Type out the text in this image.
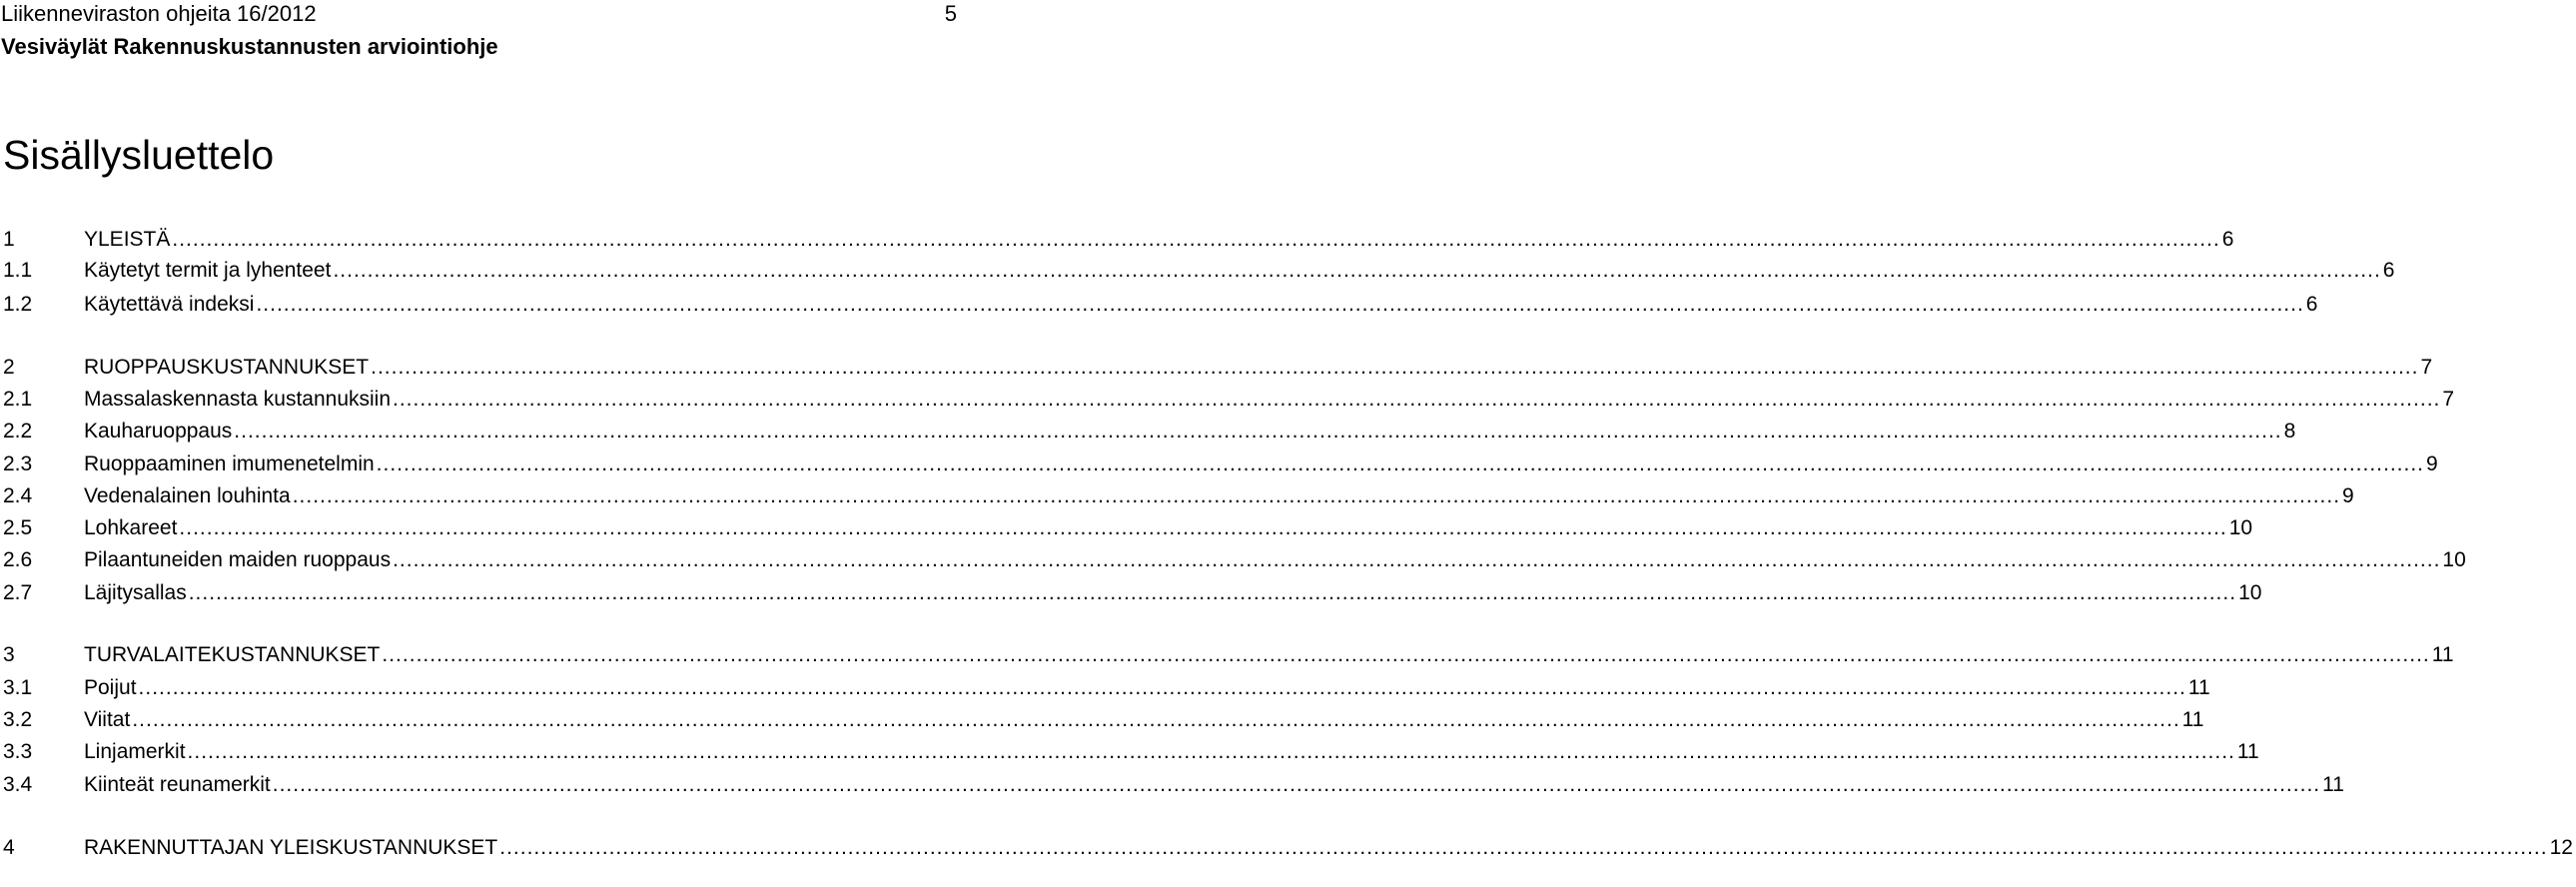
Liikenneviraston ohjeita 16/2012	5
Vesiväylät Rakennuskustannusten arviointiohje
Sisällysluettelo
1	YLEISTÄ ............................................................................................................................................................................................................................................................................................................ 6
1.1	Käytetyt termit ja lyhenteet ............................................................................................................................................................................................................................................................................................................ 6
1.2	Käytettävä indeksi ............................................................................................................................................................................................................................................................................................................ 6
2	RUOPPAUSKUSTANNUKSET ............................................................................................................................................................................................................................................................................................................ 7
2.1	Massalaskennasta kustannuksiin ............................................................................................................................................................................................................................................................................................................ 7
2.2	Kauharuoppaus ............................................................................................................................................................................................................................................................................................................ 8
2.3	Ruoppaaminen imumenetelmin ............................................................................................................................................................................................................................................................................................................ 9
2.4	Vedenalainen louhinta ............................................................................................................................................................................................................................................................................................................ 9
2.5	Lohkareet ............................................................................................................................................................................................................................................................................................................ 10
2.6	Pilaantuneiden maiden ruoppaus ............................................................................................................................................................................................................................................................................................................ 10
2.7	Läjitysallas ............................................................................................................................................................................................................................................................................................................ 10
3	TURVALAITEKUSTANNUKSET ............................................................................................................................................................................................................................................................................................................ 11
3.1	Poijut ............................................................................................................................................................................................................................................................................................................ 11
3.2	Viitat ............................................................................................................................................................................................................................................................................................................ 11
3.3	Linjamerkit ............................................................................................................................................................................................................................................................................................................ 11
3.4	Kiinteät reunamerkit ............................................................................................................................................................................................................................................................................................................ 11
4	RAKENNUTTAJAN YLEISKUSTANNUKSET ............................................................................................................................................................................................................................................................................................................ 12
